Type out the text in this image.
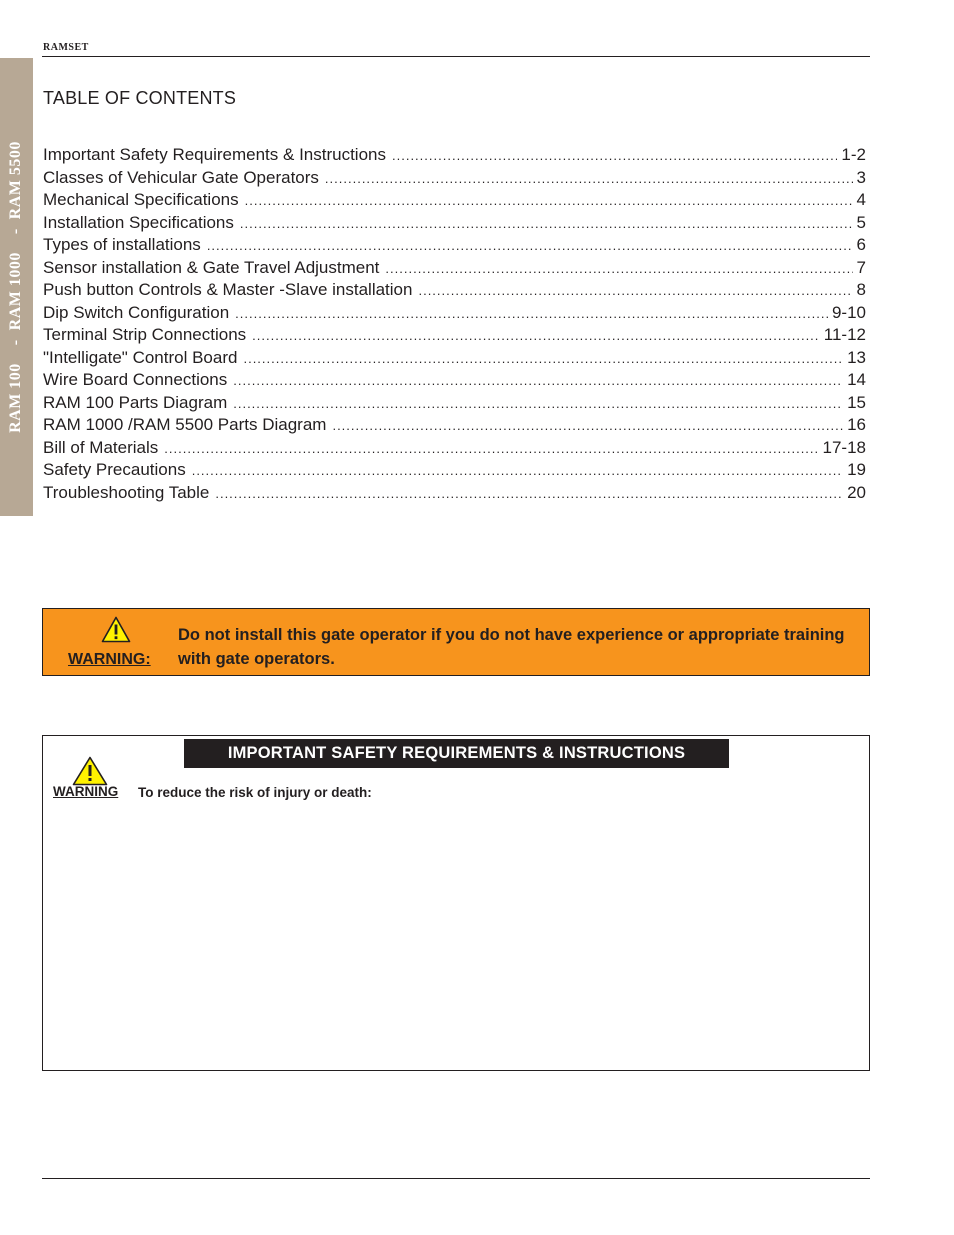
RAMSET
RAM 100    -  RAM 1000    -  RAM 5500
TABLE OF CONTENTS
Important Safety Requirements & Instructions .....	1-2
Classes of Vehicular Gate Operators .....	3
Mechanical Specifications .....	4
Installation Specifications .....	5
Types of installations .....	6
Sensor installation & Gate Travel Adjustment .....	7
Push button Controls & Master -Slave installation .....	8
Dip Switch Configuration .....	9-10
Terminal Strip Connections .....	11-12
"Intelligate" Control Board .....	13
Wire Board Connections .....	14
RAM 100 Parts Diagram .....	15
RAM 1000 /RAM 5500 Parts Diagram .....	16
Bill of Materials .....	17-18
Safety Precautions .....	19
Troubleshooting Table .....	20
WARNING:
Do not install this gate operator if you do not have experience or appropriate training with gate operators.
IMPORTANT SAFETY REQUIREMENTS & INSTRUCTIONS
WARNING To reduce the risk of injury or death:
